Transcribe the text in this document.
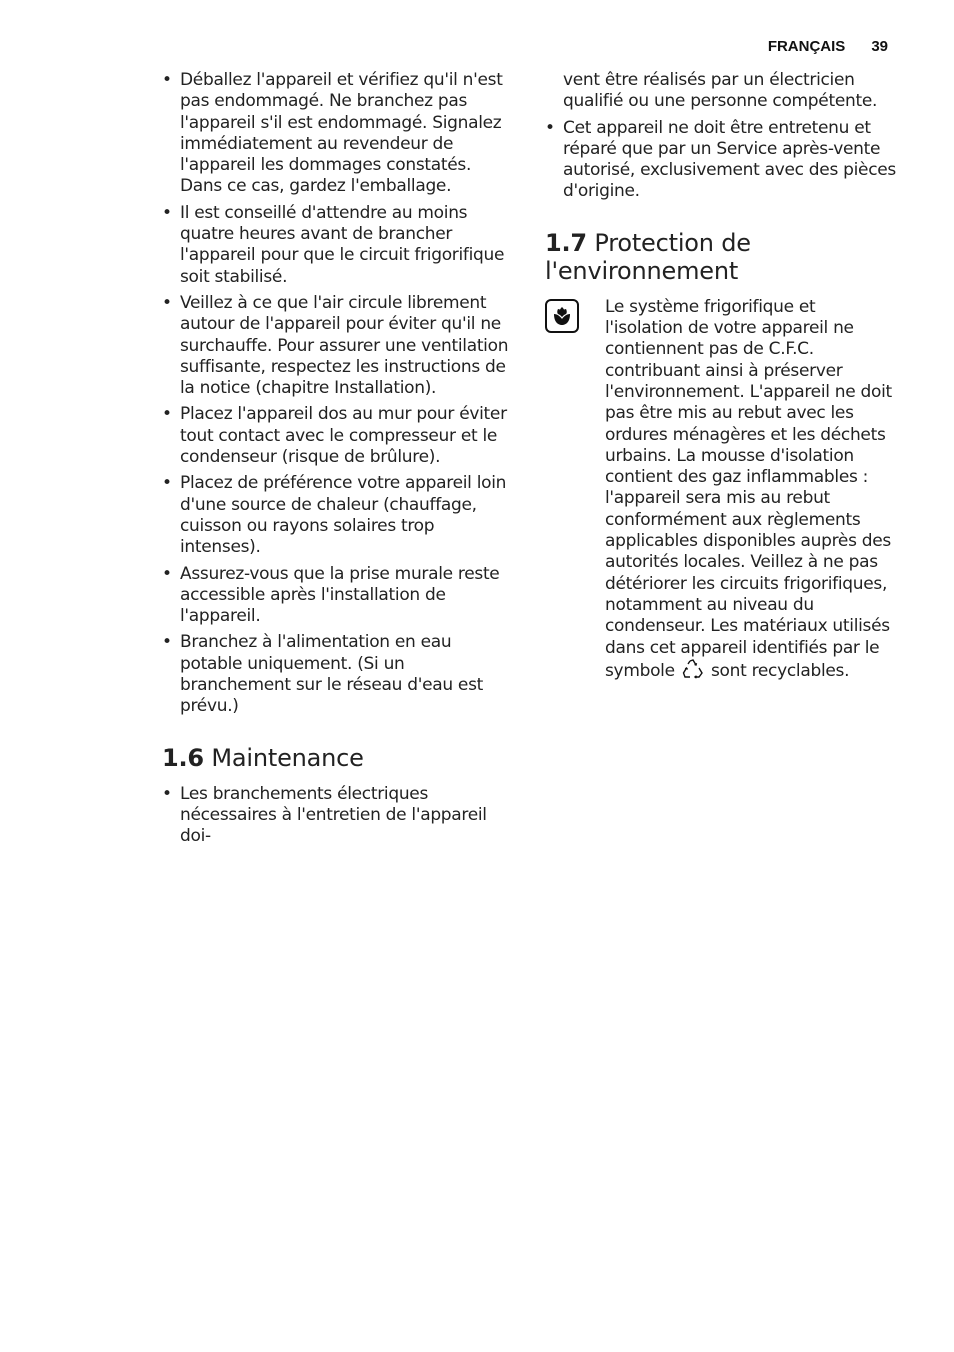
FRANÇAIS 39
• Déballez l'appareil et vérifiez qu'il n'est pas endommagé. Ne branchez pas l'appareil s'il est endommagé. Signalez immédiatement au revendeur de l'appareil les dommages constatés. Dans ce cas, gardez l'emballage.
• Il est conseillé d'attendre au moins quatre heures avant de brancher l'appareil pour que le circuit frigorifique soit stabilisé.
• Veillez à ce que l'air circule librement autour de l'appareil pour éviter qu'il ne surchauffe. Pour assurer une ventilation suffisante, respectez les instructions de la notice (chapitre Installation).
• Placez l'appareil dos au mur pour éviter tout contact avec le compresseur et le condenseur (risque de brûlure).
• Placez de préférence votre appareil loin d'une source de chaleur (chauffage, cuisson ou rayons solaires trop intenses).
• Assurez-vous que la prise murale reste accessible après l'installation de l'appareil.
• Branchez à l'alimentation en eau potable uniquement. (Si un branchement sur le réseau d'eau est prévu.)
1.6 Maintenance
• Les branchements électriques nécessaires à l'entretien de l'appareil doi-
vent être réalisés par un électricien qualifié ou une personne compétente.
• Cet appareil ne doit être entretenu et réparé que par un Service après-vente autorisé, exclusivement avec des pièces d'origine.
1.7 Protection de l'environnement
Le système frigorifique et l'isolation de votre appareil ne contiennent pas de C.F.C. contribuant ainsi à préserver l'environnement. L'appareil ne doit pas être mis au rebut avec les ordures ménagères et les déchets urbains. La mousse d'isolation contient des gaz inflammables : l'appareil sera mis au rebut conformément aux règlements applicables disponibles auprès des autorités locales. Veillez à ne pas détériorer les circuits frigorifiques, notamment au niveau du condenseur. Les matériaux utilisés dans cet appareil identifiés par le symbole sont recyclables.
